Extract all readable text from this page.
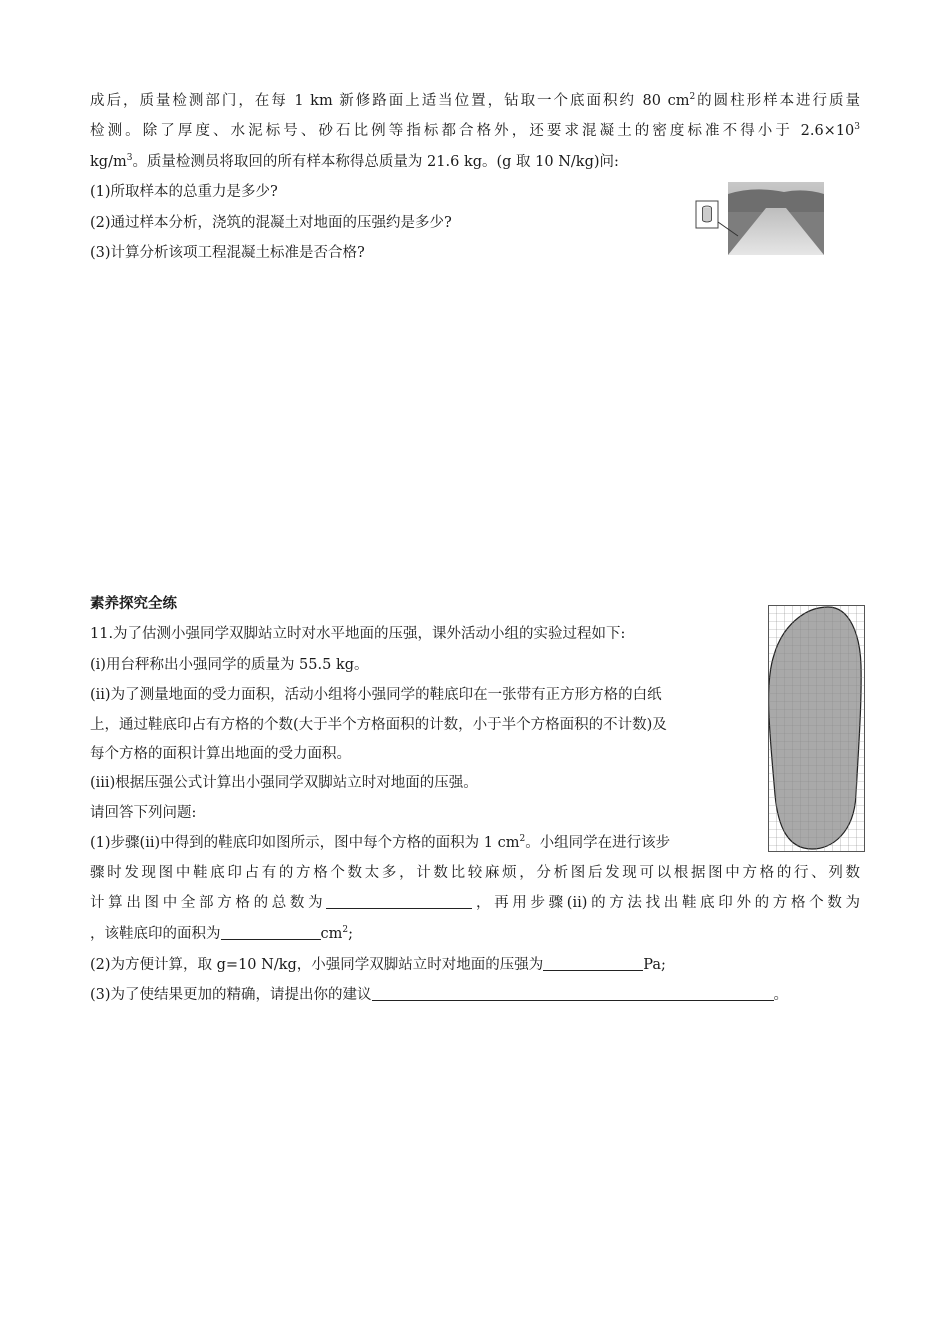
成后，质量检测部门，在每 1 km 新修路面上适当位置，钻取一个底面积约 80 $cm^2$的圆柱形样本进行质量
检测。除了厚度、水泥标号、砂石比例等指标都合格外，还要求混凝土的密度标准不得小于 $2.6\times 10^3$
$kg/m^3$。质量检测员将取回的所有样本称得总质量为 21.6 kg。(g 取 10 N/kg)问:
(1)所取样本的总重力是多少?
(2)通过样本分析，浇筑的混凝土对地面的压强约是多少?
(3)计算分析该项工程混凝土标准是否合格?
素养探究全练
11.为了估测小强同学双脚站立时对水平地面的压强，课外活动小组的实验过程如下:
(i)用台秤称出小强同学的质量为 55.5 kg。
(ii)为了测量地面的受力面积，活动小组将小强同学的鞋底印在一张带有正方形方格的白纸
上，通过鞋底印占有方格的个数(大于半个方格面积的计数，小于半个方格面积的不计数)及
每个方格的面积计算出地面的受力面积。
(iii)根据压强公式计算出小强同学双脚站立时对地面的压强。
请回答下列问题:
(1)步骤(ii)中得到的鞋底印如图所示，图中每个方格的面积为 1 $cm^2$。小组同学在进行该步
骤时发现图中鞋底印占有的方格个数太多，计数比较麻烦，分析图后发现可以根据图中方格的行、列数
计算出图中全部方格的总数为	，再用步骤(ii)的方法找出鞋底印外的方格个数为
，该鞋底印的面积为	$cm^2$;
(2)为方便计算，取 g=10 N/kg，小强同学双脚站立时对地面的压强为	Pa;
(3)为了使结果更加的精确，请提出你的建议	。
